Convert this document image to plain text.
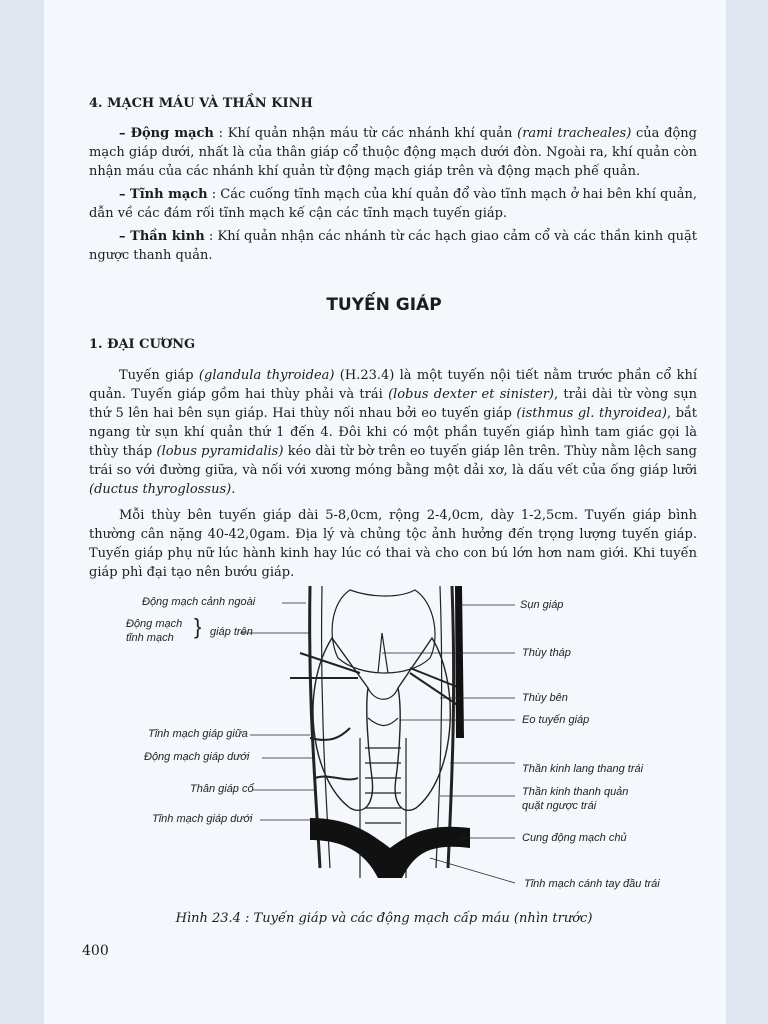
4. MẠCH MÁU VÀ THẦN KINH

– Động mạch : Khí quản nhận máu từ các nhánh khí quản (rami tracheales) của động mạch giáp dưới, nhất là của thân giáp cổ thuộc động mạch dưới đòn. Ngoài ra, khí quản còn nhận máu của các nhánh khí quản từ động mạch giáp trên và động mạch phế quản.

– Tĩnh mạch : Các cuống tĩnh mạch của khí quản đổ vào tĩnh mạch ở hai bên khí quản, dẫn về các đám rối tĩnh mạch kế cận các tĩnh mạch tuyến giáp.

– Thần kinh : Khí quản nhận các nhánh từ các hạch giao cảm cổ và các thần kinh quặt ngược thanh quản.

TUYẾN GIÁP
1. ĐẠI CƯƠNG

Tuyến giáp (glandula thyroidea) (H.23.4) là một tuyến nội tiết nằm trước phần cổ khí quản. Tuyến giáp gồm hai thùy phải và trái (lobus dexter et sinister), trải dài từ vòng sụn thứ 5 lên hai bên sụn giáp. Hai thùy nối nhau bởi eo tuyến giáp (isthmus gl. thyroidea), bắt ngang từ sụn khí quản thứ 1 đến 4. Đôi khi có một phần tuyến giáp hình tam giác gọi là thùy tháp (lobus pyramidalis) kéo dài từ bờ trên eo tuyến giáp lên trên. Thùy nằm lệch sang trái so với đường giữa, và nối với xương móng bằng một dải xơ, là dấu vết của ống giáp lưỡi (ductus thyroglossus).

Mỗi thùy bên tuyến giáp dài 5-8,0cm, rộng 2-4,0cm, dày 1-2,5cm. Tuyến giáp bình thường cân nặng 40-42,0gam. Địa lý và chủng tộc ảnh hưởng đến trọng lượng tuyến giáp. Tuyến giáp phụ nữ lúc hành kinh hay lúc có thai và cho con bú lớn hơn nam giới. Khi tuyến giáp phì đại tạo nên bướu giáp.

Động mạch cảnh ngoài
Động mạch
tĩnh mạch } giáp trên
Tĩnh mạch giáp giữa
Động mạch giáp dưới
Thân giáp cổ
Tĩnh mạch giáp dưới
Sụn giáp
Thùy tháp
Thùy bên
Eo tuyến giáp
Thần kinh lang thang trái
Thần kinh thanh quản
quặt ngược trái
Cung động mạch chủ
Tĩnh mạch cánh tay đầu trái
Hình 23.4 : Tuyến giáp và các động mạch cấp máu (nhìn trước)
400
